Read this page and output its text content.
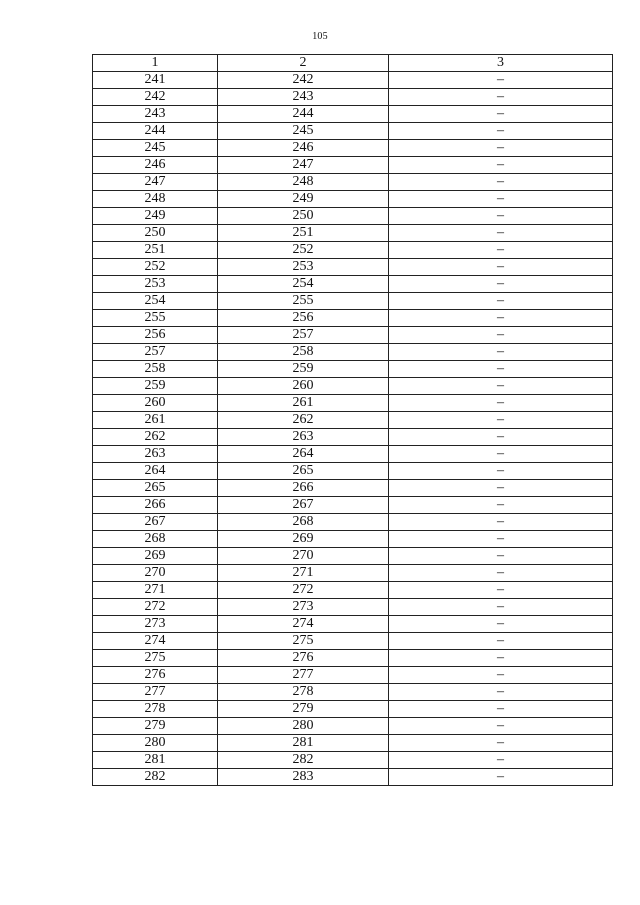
105
1	2	3
241	242	–
242	243	–
243	244	–
244	245	–
245	246	–
246	247	–
247	248	–
248	249	–
249	250	–
250	251	–
251	252	–
252	253	–
253	254	–
254	255	–
255	256	–
256	257	–
257	258	–
258	259	–
259	260	–
260	261	–
261	262	–
262	263	–
263	264	–
264	265	–
265	266	–
266	267	–
267	268	–
268	269	–
269	270	–
270	271	–
271	272	–
272	273	–
273	274	–
274	275	–
275	276	–
276	277	–
277	278	–
278	279	–
279	280	–
280	281	–
281	282	–
282	283	–
